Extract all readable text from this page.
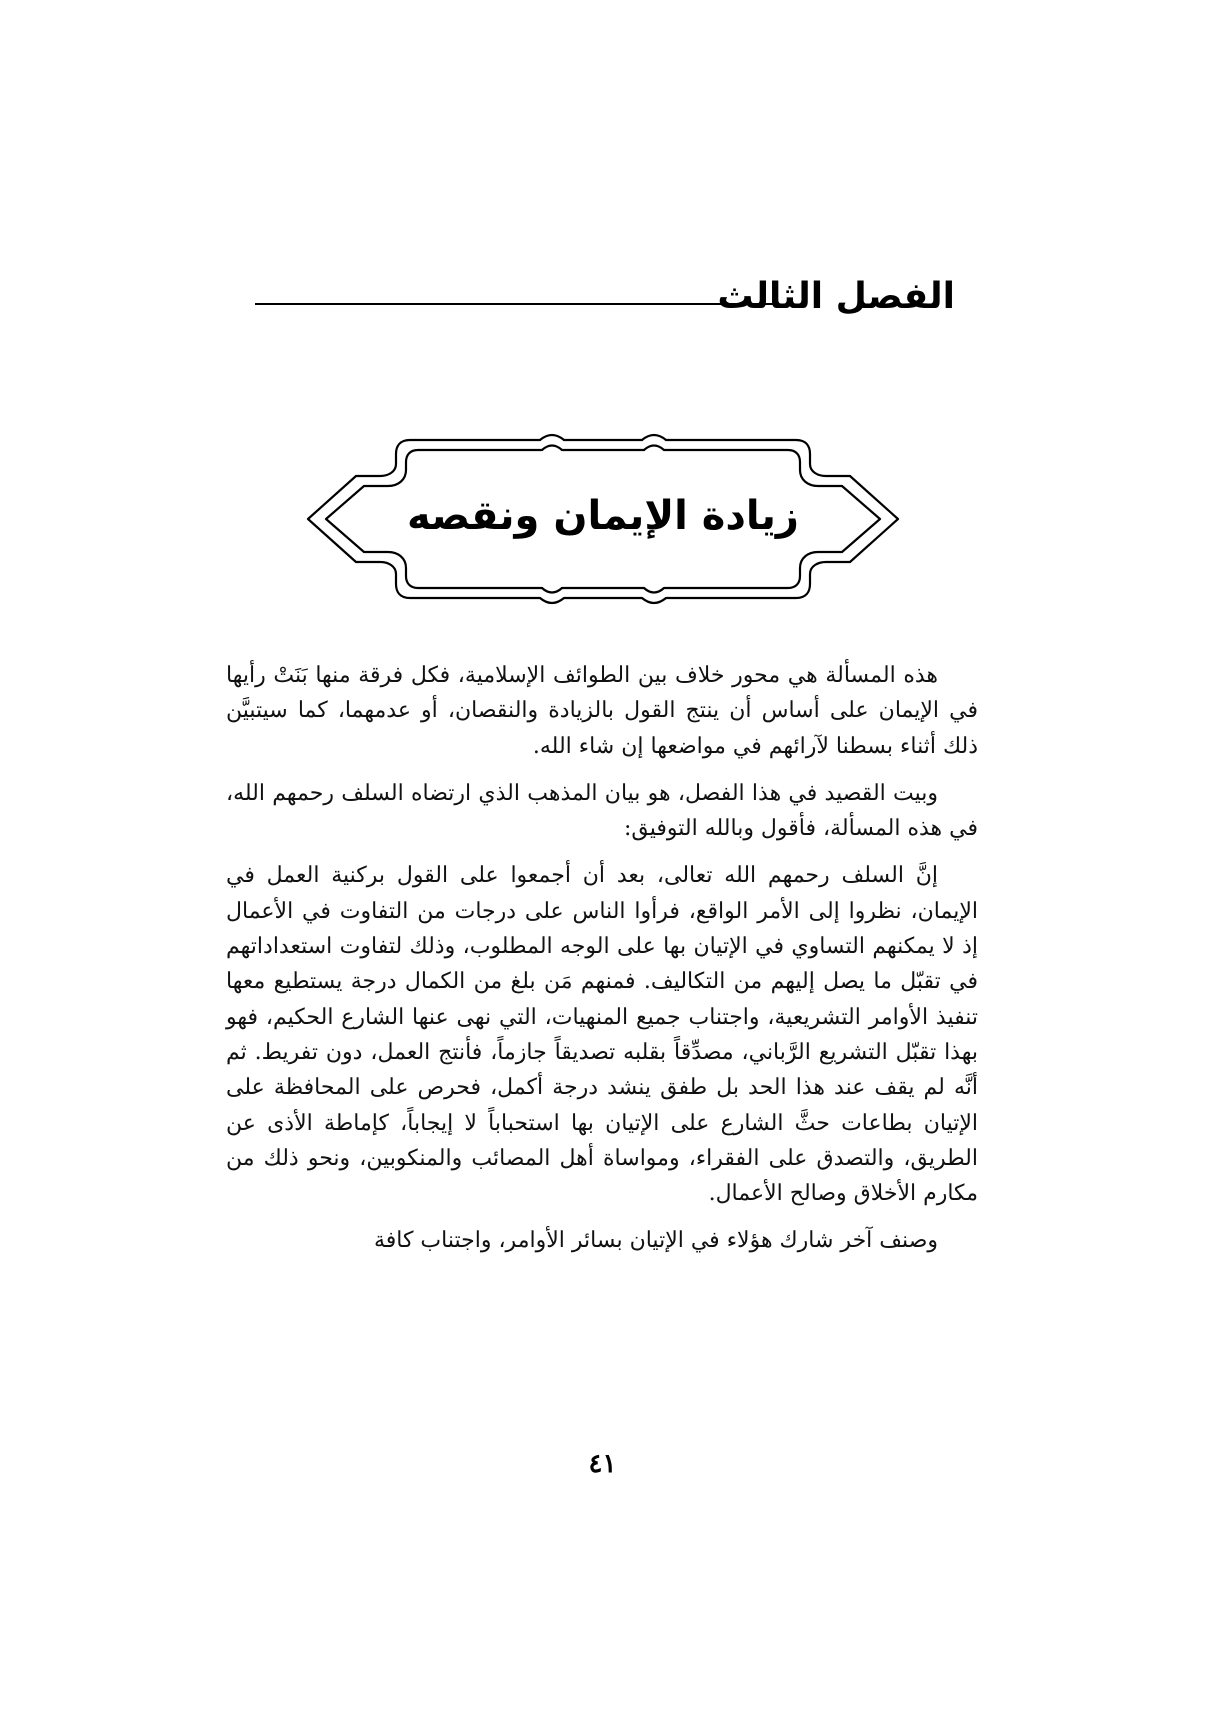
الفصل الثالث
زيادة الإيمان ونقصه

هذه المسألة هي محور خلاف بين الطوائف الإسلامية، فكل فرقة منها بَنَتْ رأيها في الإيمان على أساس أن ينتج القول بالزيادة والنقصان، أو عدمهما، كما سيتبيَّن ذلك أثناء بسطنا لآرائهم في مواضعها إن شاء الله.

وبيت القصيد في هذا الفصل، هو بيان المذهب الذي ارتضاه السلف رحمهم الله، في هذه المسألة، فأقول وبالله التوفيق:

إنَّ السلف رحمهم الله تعالى، بعد أن أجمعوا على القول بركنية العمل في الإيمان، نظروا إلى الأمر الواقع، فرأوا الناس على درجات من التفاوت في الأعمال إذ لا يمكنهم التساوي في الإتيان بها على الوجه المطلوب، وذلك لتفاوت استعداداتهم في تقبّل ما يصل إليهم من التكاليف. فمنهم مَن بلغ من الكمال درجة يستطيع معها تنفيذ الأوامر التشريعية، واجتناب جميع المنهيات، التي نهى عنها الشارع الحكيم، فهو بهذا تقبّل التشريع الرَّباني، مصدِّقاً بقلبه تصديقاً جازماً، فأنتج العمل، دون تفريط. ثم أنَّه لم يقف عند هذا الحد بل طفق ينشد درجة أكمل، فحرص على المحافظة على الإتيان بطاعات حثَّ الشارع على الإتيان بها استحباباً لا إيجاباً، كإماطة الأذى عن الطريق، والتصدق على الفقراء، ومواساة أهل المصائب والمنكوبين، ونحو ذلك من مكارم الأخلاق وصالح الأعمال.

وصنف آخر شارك هؤلاء في الإتيان بسائر الأوامر، واجتناب كافة

٤١
